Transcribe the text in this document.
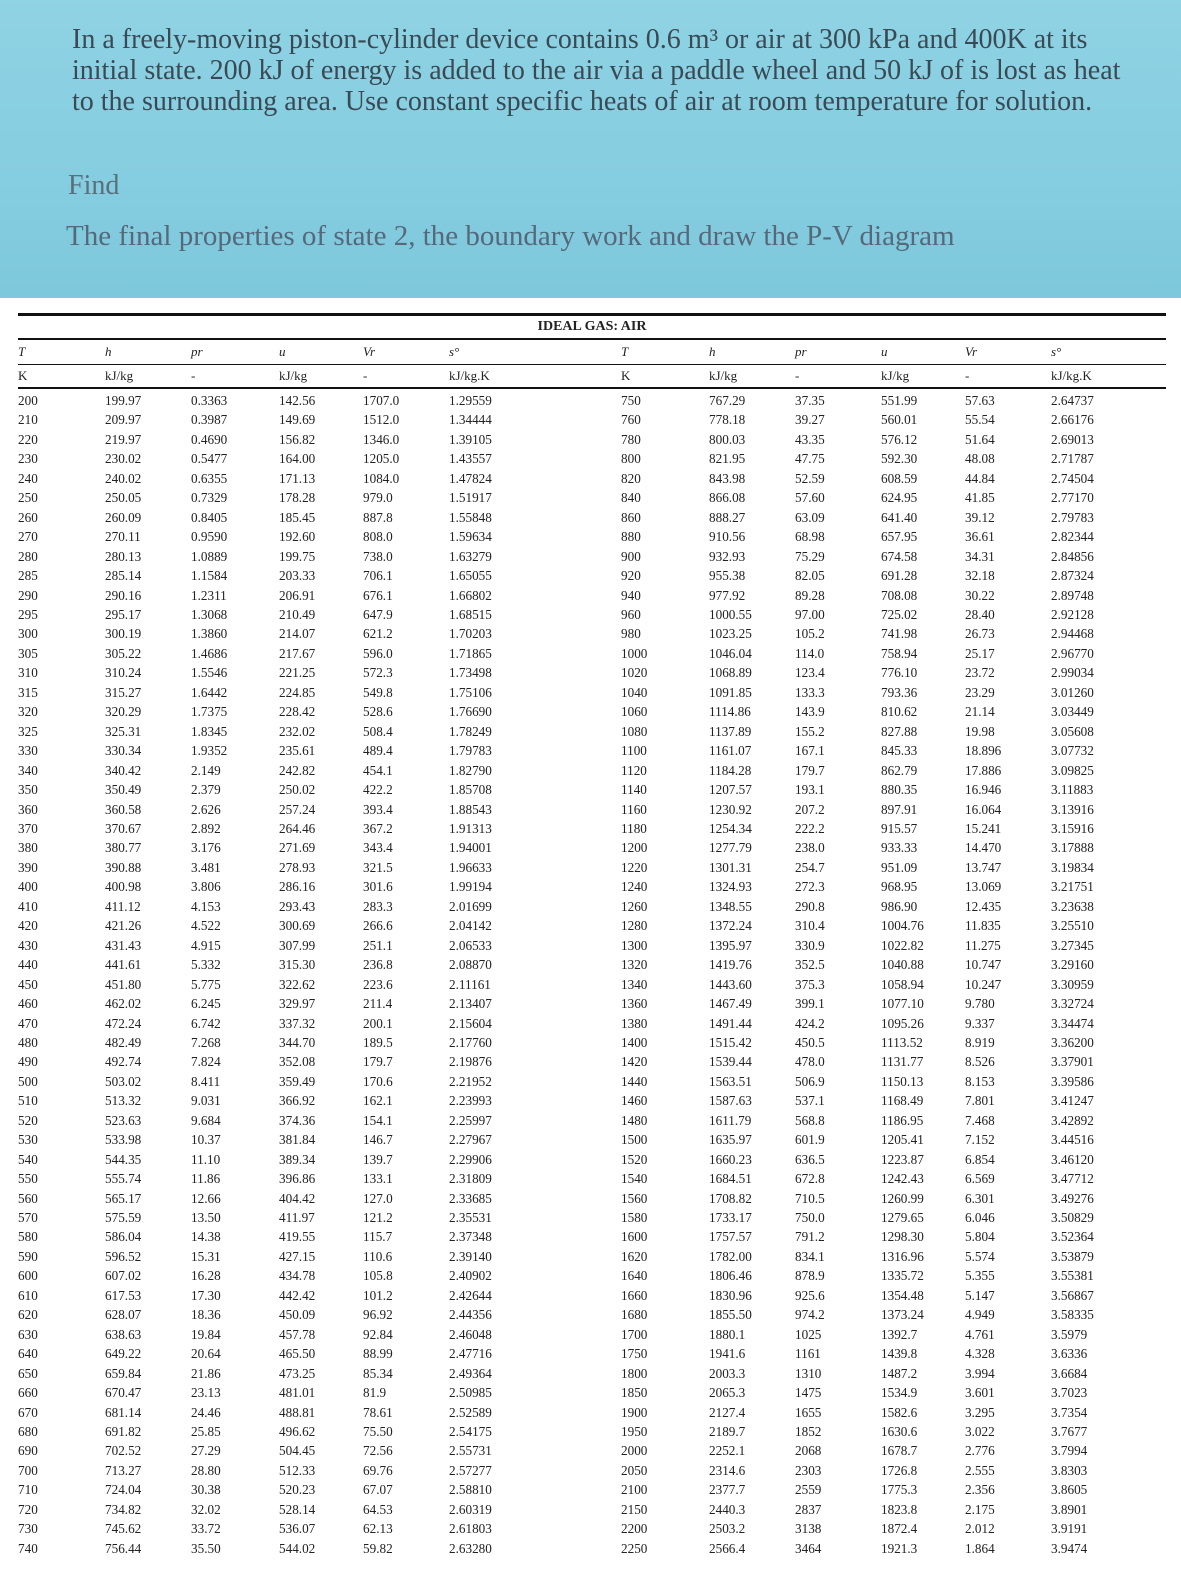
In a freely-moving piston-cylinder device contains 0.6 m³ or air at 300 kPa and 400K at its initial state. 200 kJ of energy is added to the air via a paddle wheel and 50 kJ of is lost as heat to the surrounding area. Use constant specific heats of air at room temperature for solution.

Find
The final properties of state 2, the boundary work and draw the P-V diagram
IDEAL GAS: AIR
T	h	pr	u	Vr	s°	T	h	pr	u	Vr	s°
K	kJ/kg	-	kJ/kg	-	kJ/kg.K	K	kJ/kg	-	kJ/kg	-	kJ/kg.K
200	199.97	0.3363	142.56	1707.0	1.29559	750	767.29	37.35	551.99	57.63	2.64737
210	209.97	0.3987	149.69	1512.0	1.34444	760	778.18	39.27	560.01	55.54	2.66176
220	219.97	0.4690	156.82	1346.0	1.39105	780	800.03	43.35	576.12	51.64	2.69013
230	230.02	0.5477	164.00	1205.0	1.43557	800	821.95	47.75	592.30	48.08	2.71787
240	240.02	0.6355	171.13	1084.0	1.47824	820	843.98	52.59	608.59	44.84	2.74504
250	250.05	0.7329	178.28	979.0	1.51917	840	866.08	57.60	624.95	41.85	2.77170
260	260.09	0.8405	185.45	887.8	1.55848	860	888.27	63.09	641.40	39.12	2.79783
270	270.11	0.9590	192.60	808.0	1.59634	880	910.56	68.98	657.95	36.61	2.82344
280	280.13	1.0889	199.75	738.0	1.63279	900	932.93	75.29	674.58	34.31	2.84856
285	285.14	1.1584	203.33	706.1	1.65055	920	955.38	82.05	691.28	32.18	2.87324
290	290.16	1.2311	206.91	676.1	1.66802	940	977.92	89.28	708.08	30.22	2.89748
295	295.17	1.3068	210.49	647.9	1.68515	960	1000.55	97.00	725.02	28.40	2.92128
300	300.19	1.3860	214.07	621.2	1.70203	980	1023.25	105.2	741.98	26.73	2.94468
305	305.22	1.4686	217.67	596.0	1.71865	1000	1046.04	114.0	758.94	25.17	2.96770
310	310.24	1.5546	221.25	572.3	1.73498	1020	1068.89	123.4	776.10	23.72	2.99034
315	315.27	1.6442	224.85	549.8	1.75106	1040	1091.85	133.3	793.36	23.29	3.01260
320	320.29	1.7375	228.42	528.6	1.76690	1060	1114.86	143.9	810.62	21.14	3.03449
325	325.31	1.8345	232.02	508.4	1.78249	1080	1137.89	155.2	827.88	19.98	3.05608
330	330.34	1.9352	235.61	489.4	1.79783	1100	1161.07	167.1	845.33	18.896	3.07732
340	340.42	2.149	242.82	454.1	1.82790	1120	1184.28	179.7	862.79	17.886	3.09825
350	350.49	2.379	250.02	422.2	1.85708	1140	1207.57	193.1	880.35	16.946	3.11883
360	360.58	2.626	257.24	393.4	1.88543	1160	1230.92	207.2	897.91	16.064	3.13916
370	370.67	2.892	264.46	367.2	1.91313	1180	1254.34	222.2	915.57	15.241	3.15916
380	380.77	3.176	271.69	343.4	1.94001	1200	1277.79	238.0	933.33	14.470	3.17888
390	390.88	3.481	278.93	321.5	1.96633	1220	1301.31	254.7	951.09	13.747	3.19834
400	400.98	3.806	286.16	301.6	1.99194	1240	1324.93	272.3	968.95	13.069	3.21751
410	411.12	4.153	293.43	283.3	2.01699	1260	1348.55	290.8	986.90	12.435	3.23638
420	421.26	4.522	300.69	266.6	2.04142	1280	1372.24	310.4	1004.76	11.835	3.25510
430	431.43	4.915	307.99	251.1	2.06533	1300	1395.97	330.9	1022.82	11.275	3.27345
440	441.61	5.332	315.30	236.8	2.08870	1320	1419.76	352.5	1040.88	10.747	3.29160
450	451.80	5.775	322.62	223.6	2.11161	1340	1443.60	375.3	1058.94	10.247	3.30959
460	462.02	6.245	329.97	211.4	2.13407	1360	1467.49	399.1	1077.10	9.780	3.32724
470	472.24	6.742	337.32	200.1	2.15604	1380	1491.44	424.2	1095.26	9.337	3.34474
480	482.49	7.268	344.70	189.5	2.17760	1400	1515.42	450.5	1113.52	8.919	3.36200
490	492.74	7.824	352.08	179.7	2.19876	1420	1539.44	478.0	1131.77	8.526	3.37901
500	503.02	8.411	359.49	170.6	2.21952	1440	1563.51	506.9	1150.13	8.153	3.39586
510	513.32	9.031	366.92	162.1	2.23993	1460	1587.63	537.1	1168.49	7.801	3.41247
520	523.63	9.684	374.36	154.1	2.25997	1480	1611.79	568.8	1186.95	7.468	3.42892
530	533.98	10.37	381.84	146.7	2.27967	1500	1635.97	601.9	1205.41	7.152	3.44516
540	544.35	11.10	389.34	139.7	2.29906	1520	1660.23	636.5	1223.87	6.854	3.46120
550	555.74	11.86	396.86	133.1	2.31809	1540	1684.51	672.8	1242.43	6.569	3.47712
560	565.17	12.66	404.42	127.0	2.33685	1560	1708.82	710.5	1260.99	6.301	3.49276
570	575.59	13.50	411.97	121.2	2.35531	1580	1733.17	750.0	1279.65	6.046	3.50829
580	586.04	14.38	419.55	115.7	2.37348	1600	1757.57	791.2	1298.30	5.804	3.52364
590	596.52	15.31	427.15	110.6	2.39140	1620	1782.00	834.1	1316.96	5.574	3.53879
600	607.02	16.28	434.78	105.8	2.40902	1640	1806.46	878.9	1335.72	5.355	3.55381
610	617.53	17.30	442.42	101.2	2.42644	1660	1830.96	925.6	1354.48	5.147	3.56867
620	628.07	18.36	450.09	96.92	2.44356	1680	1855.50	974.2	1373.24	4.949	3.58335
630	638.63	19.84	457.78	92.84	2.46048	1700	1880.1	1025	1392.7	4.761	3.5979
640	649.22	20.64	465.50	88.99	2.47716	1750	1941.6	1161	1439.8	4.328	3.6336
650	659.84	21.86	473.25	85.34	2.49364	1800	2003.3	1310	1487.2	3.994	3.6684
660	670.47	23.13	481.01	81.9	2.50985	1850	2065.3	1475	1534.9	3.601	3.7023
670	681.14	24.46	488.81	78.61	2.52589	1900	2127.4	1655	1582.6	3.295	3.7354
680	691.82	25.85	496.62	75.50	2.54175	1950	2189.7	1852	1630.6	3.022	3.7677
690	702.52	27.29	504.45	72.56	2.55731	2000	2252.1	2068	1678.7	2.776	3.7994
700	713.27	28.80	512.33	69.76	2.57277	2050	2314.6	2303	1726.8	2.555	3.8303
710	724.04	30.38	520.23	67.07	2.58810	2100	2377.7	2559	1775.3	2.356	3.8605
720	734.82	32.02	528.14	64.53	2.60319	2150	2440.3	2837	1823.8	2.175	3.8901
730	745.62	33.72	536.07	62.13	2.61803	2200	2503.2	3138	1872.4	2.012	3.9191
740	756.44	35.50	544.02	59.82	2.63280	2250	2566.4	3464	1921.3	1.864	3.9474
